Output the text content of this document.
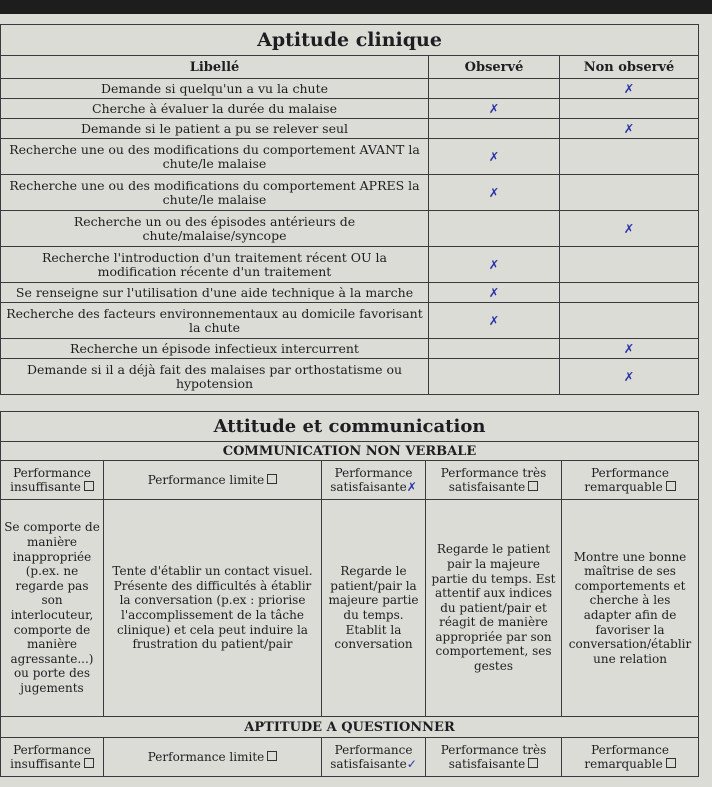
Aptitude clinique		
Libellé	Observé	Non observé
Demande si quelqu'un a vu la chute		✗
Cherche à évaluer la durée du malaise	✗	
Demande si le patient a pu se relever seul		✗
Recherche une ou des modifications du comportement AVANT la chute/le malaise	✗	
Recherche une ou des modifications du comportement APRES la chute/le malaise	✗	
Recherche un ou des épisodes antérieurs de chute/malaise/syncope		✗
Recherche l'introduction d'un traitement récent OU la modification récente d'un traitement	✗	
Se renseigne sur l'utilisation d'une aide technique à la marche	✗	
Recherche des facteurs environnementaux au domicile favorisant la chute	✗	
Recherche un épisode infectieux intercurrent		✗
Demande si il a déjà fait des malaises par orthostatisme ou hypotension		✗
Attitude et communication				
COMMUNICATION NON VERBALE				
Performance insuffisante	Performance limite	Performance satisfaisante✗	Performance très satisfaisante	Performance remarquable
Se comporte de manière inappropriée (p.ex. ne regarde pas son interlocuteur, comporte de manière agressante...) ou porte des jugements	Tente d'établir un contact visuel. Présente des difficultés à établir la conversation (p.ex : priorise l'accomplissement de la tâche clinique) et cela peut induire la frustration du patient/pair	Regarde le patient/pair la majeure partie du temps. Etablit la conversation	Regarde le patient pair la majeure partie du temps. Est attentif aux indices du patient/pair et réagit de manière appropriée par son comportement, ses gestes	Montre une bonne maîtrise de ses comportements et cherche à les adapter afin de favoriser la conversation/établir une relation
APTITUDE A QUESTIONNER				
Performance insuffisante	Performance limite	Performance satisfaisante✓	Performance très satisfaisante	Performance remarquable
